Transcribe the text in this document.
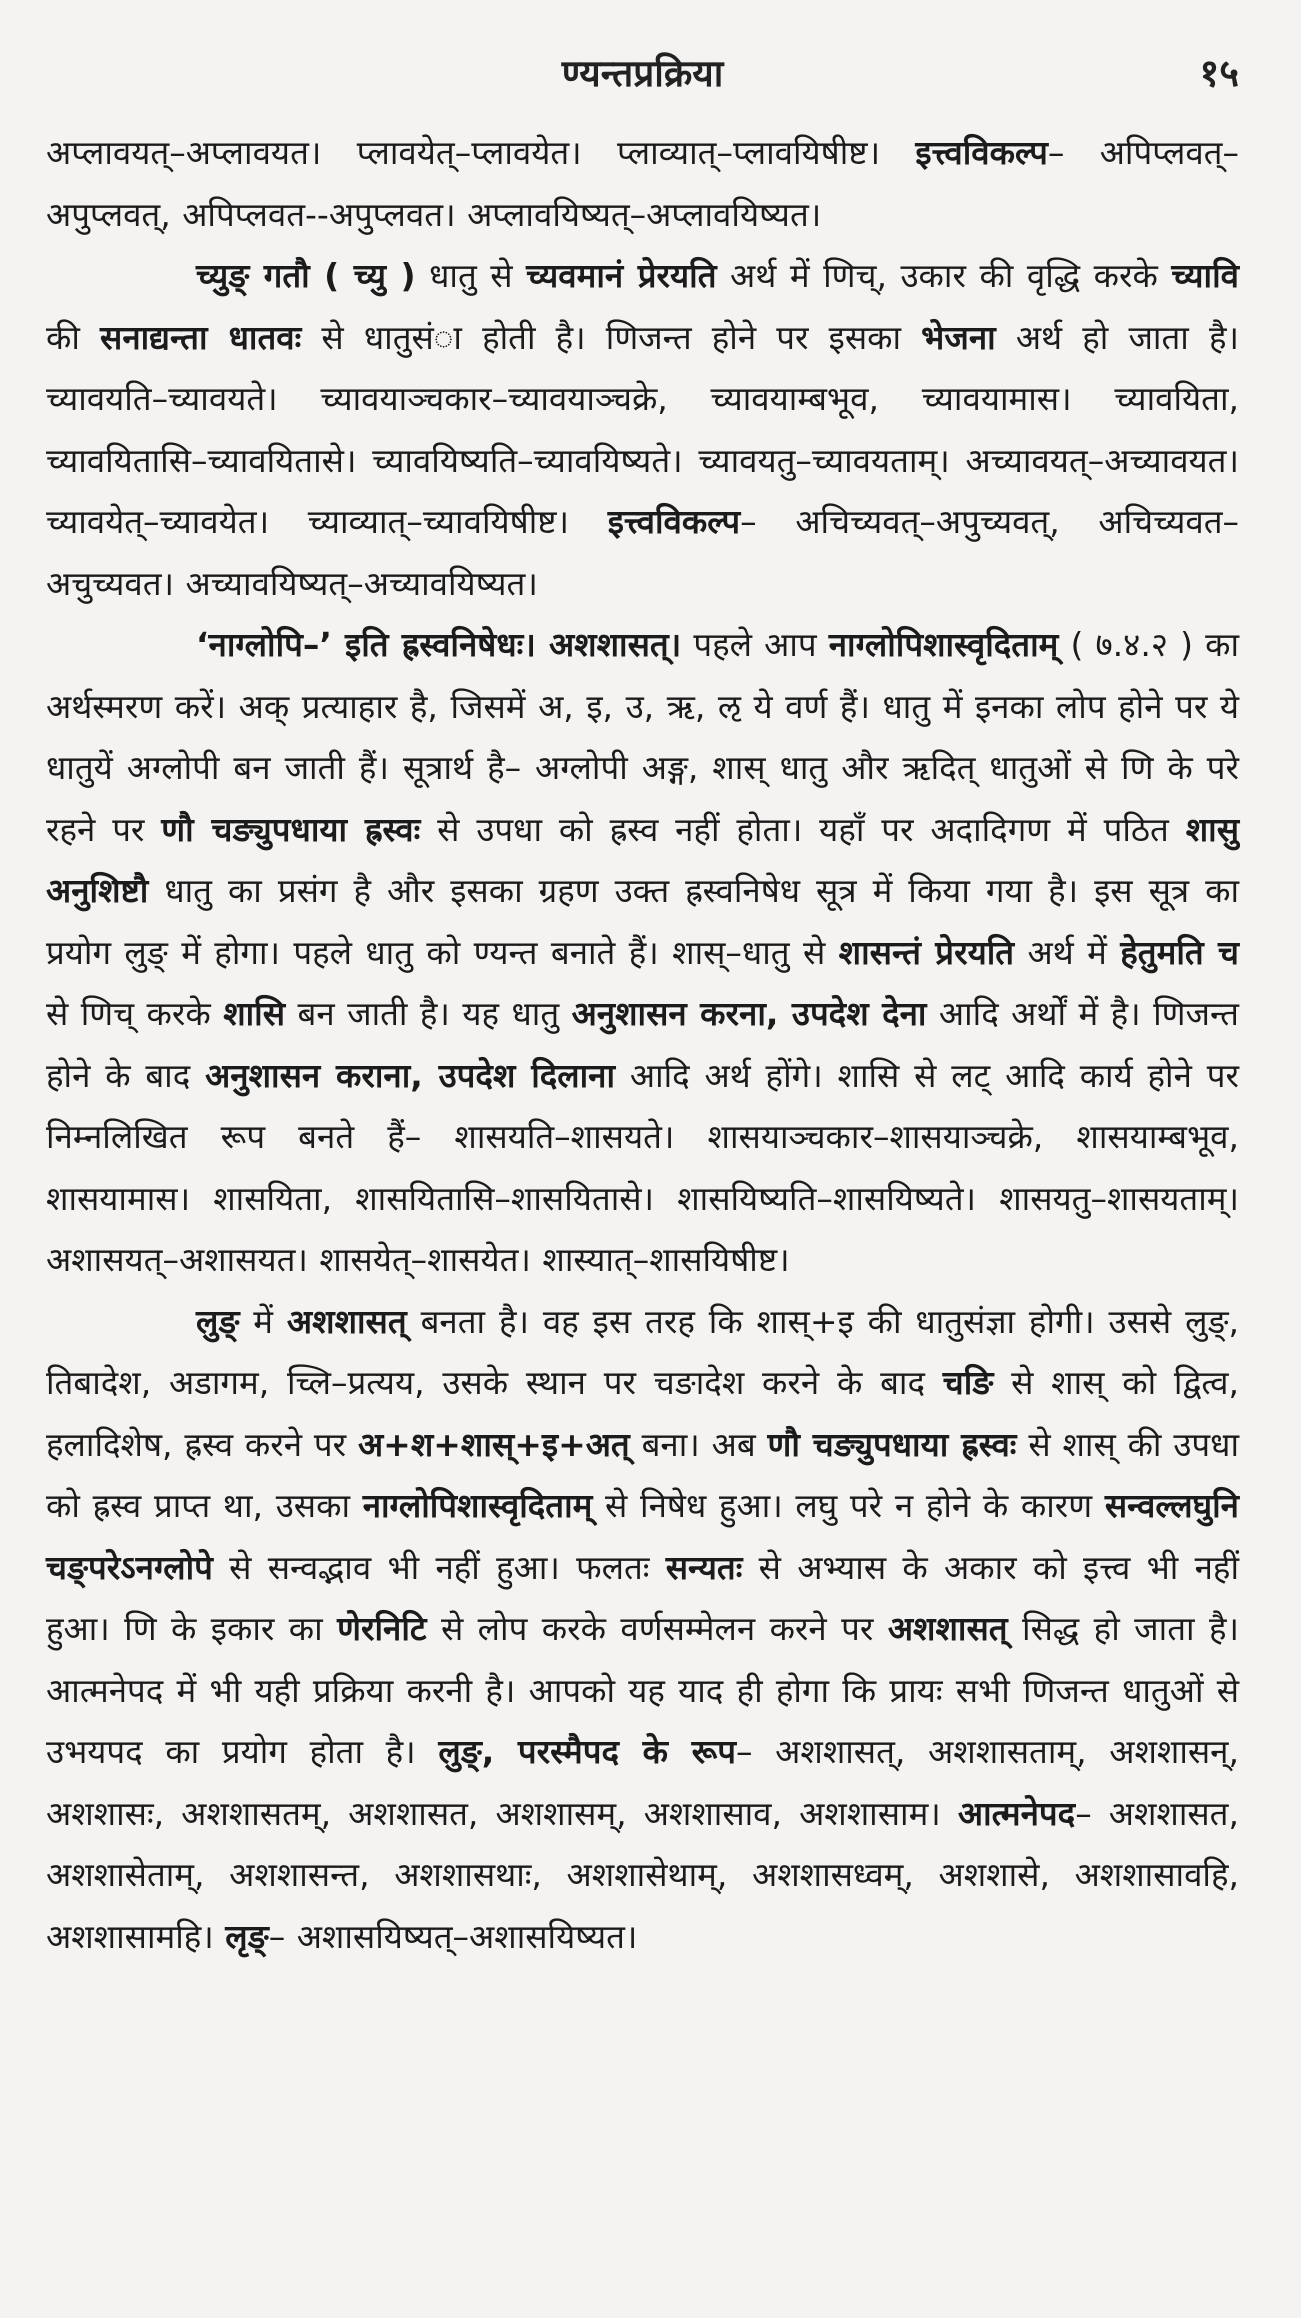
ण्यन्तप्रक्रिया	१५

अप्लावयत्–अप्लावयत। प्लावयेत्–प्लावयेत। प्लाव्यात्–प्लावयिषीष्ट। इत्त्वविकल्प– अपिप्लवत्–अपुप्लवत्, अपिप्लवत--अपुप्लवत। अप्लावयिष्यत्–अप्लावयिष्यत।

च्युङ् गतौ ( च्यु ) धातु से च्यवमानं प्रेरयति अर्थ में णिच्, उकार की वृद्धि करके च्यावि की सनाद्यन्ता धातवः से धातुसंा होती है। णिजन्त होने पर इसका भेजना अर्थ हो जाता है। च्यावयति–च्यावयते। च्यावयाञ्चकार–च्यावयाञ्चक्रे, च्यावयाम्बभूव, च्यावयामास। च्यावयिता, च्यावयितासि–च्यावयितासे। च्यावयिष्यति–च्यावयिष्यते। च्यावयतु–च्यावयताम्। अच्यावयत्–अच्यावयत। च्यावयेत्–च्यावयेत। च्याव्यात्–च्यावयिषीष्ट। इत्त्वविकल्प– अचिच्यवत्–अपुच्यवत्, अचिच्यवत–अचुच्यवत। अच्यावयिष्यत्–अच्यावयिष्यत।

‘नाग्लोपि–’ इति ह्रस्वनिषेधः। अशशासत्। पहले आप नाग्लोपिशास्वृदिताम् ( ७.४.२ ) का अर्थस्मरण करें। अक् प्रत्याहार है, जिसमें अ, इ, उ, ऋ, ऌ ये वर्ण हैं। धातु में इनका लोप होने पर ये धातुयें अग्लोपी बन जाती हैं। सूत्रार्थ है– अग्लोपी अङ्ग, शास् धातु और ऋदित् धातुओं से णि के परे रहने पर णौ चङ्युपधाया ह्रस्वः से उपधा को ह्रस्व नहीं होता। यहाँ पर अदादिगण में पठित शासु अनुशिष्टौ धातु का प्रसंग है और इसका ग्रहण उक्त ह्रस्वनिषेध सूत्र में किया गया है। इस सूत्र का प्रयोग लुङ् में होगा। पहले धातु को ण्यन्त बनाते हैं। शास्–धातु से शासन्तं प्रेरयति अर्थ में हेतुमति च से णिच् करके शासि बन जाती है। यह धातु अनुशासन करना, उपदेश देना आदि अर्थों में है। णिजन्त होने के बाद अनुशासन कराना, उपदेश दिलाना आदि अर्थ होंगे। शासि से लट् आदि कार्य होने पर निम्नलिखित रूप बनते हैं– शासयति–शासयते। शासयाञ्चकार–शासयाञ्चक्रे, शासयाम्बभूव, शासयामास। शासयिता, शासयितासि–शासयितासे। शासयिष्यति–शासयिष्यते। शासयतु–शासयताम्। अशासयत्–अशासयत। शासयेत्–शासयेत। शास्यात्–शासयिषीष्ट।

लुङ् में अशशासत् बनता है। वह इस तरह कि शास्+इ की धातुसंज्ञा होगी। उससे लुङ्, तिबादेश, अडागम, च्लि–प्रत्यय, उसके स्थान पर चङादेश करने के बाद चङि से शास् को द्वित्व, हलादिशेष, ह्रस्व करने पर अ+श+शास्+इ+अत् बना। अब णौ चङ्युपधाया ह्रस्वः से शास् की उपधा को ह्रस्व प्राप्त था, उसका नाग्लोपिशास्वृदिताम् से निषेध हुआ। लघु परे न होने के कारण सन्वल्लघुनि चङ्परेऽनग्लोपे से सन्वद्भाव भी नहीं हुआ। फलतः सन्यतः से अभ्यास के अकार को इत्त्व भी नहीं हुआ। णि के इकार का णेरनिटि से लोप करके वर्णसम्मेलन करने पर अशशासत् सिद्ध हो जाता है। आत्मनेपद में भी यही प्रक्रिया करनी है। आपको यह याद ही होगा कि प्रायः सभी णिजन्त धातुओं से उभयपद का प्रयोग होता है। लुङ्, परस्मैपद के रूप– अशशासत्, अशशासताम्, अशशासन्, अशशासः, अशशासतम्, अशशासत, अशशासम्, अशशासाव, अशशासाम। आत्मनेपद– अशशासत, अशशासेताम्, अशशासन्त, अशशासथाः, अशशासेथाम्, अशशासध्वम्, अशशासे, अशशासावहि, अशशासामहि। लृङ्– अशासयिष्यत्–अशासयिष्यत।
